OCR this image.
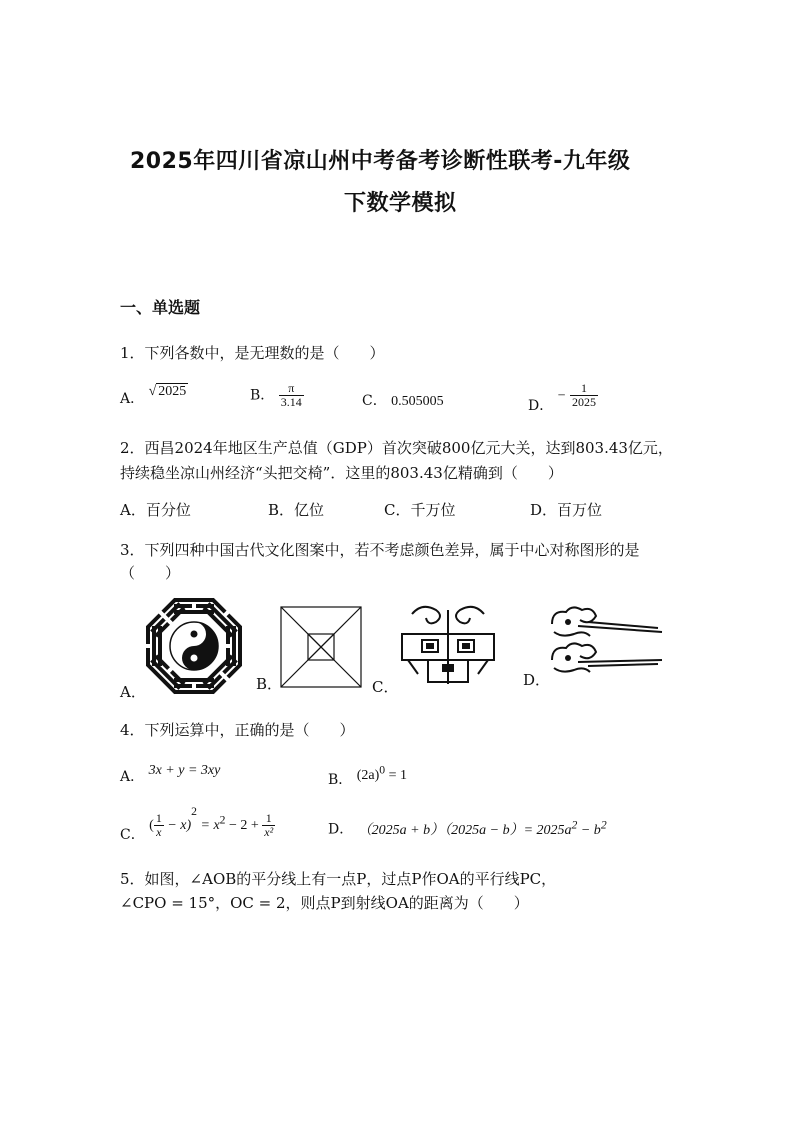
2025年四川省凉山州中考备考诊断性联考-九年级
下数学模拟
一、单选题
1．下列各数中，是无理数的是（　　）
A． √ 2025	B． $\frac{\pi}{3.14}$	C． 0.505005	D． − $\frac{1}{2025}$
2．西昌2024年地区生产总值（GDP）首次突破800亿元大关，达到803.43亿元，
持续稳坐凉山州经济“头把交椅”．这里的803.43亿精确到（　　）
A．百分位	B．亿位	C．千万位	D．百万位
3．下列四种中国古代文化图案中，若不考虑颜色差异，属于中心对称图形的是
（　　）
A．	B．	C．	D．
4．下列运算中，正确的是（　　）
A． 3x + y = 3xy
B． $(2a)^0 = 1$
C． ( $\frac{1}{x} - x)^2 = x^2 - 2 + \frac{1}{\text{x²}}$	D． $(2025a + b)(2025a - b)= 2025a^2 - b^2$
5．如图，∠AOB的平分线上有一点P，过点P作OA的平行线PC，
∠CPO = 15°，OC = 2，则点P到射线OA的距离为（　　）
